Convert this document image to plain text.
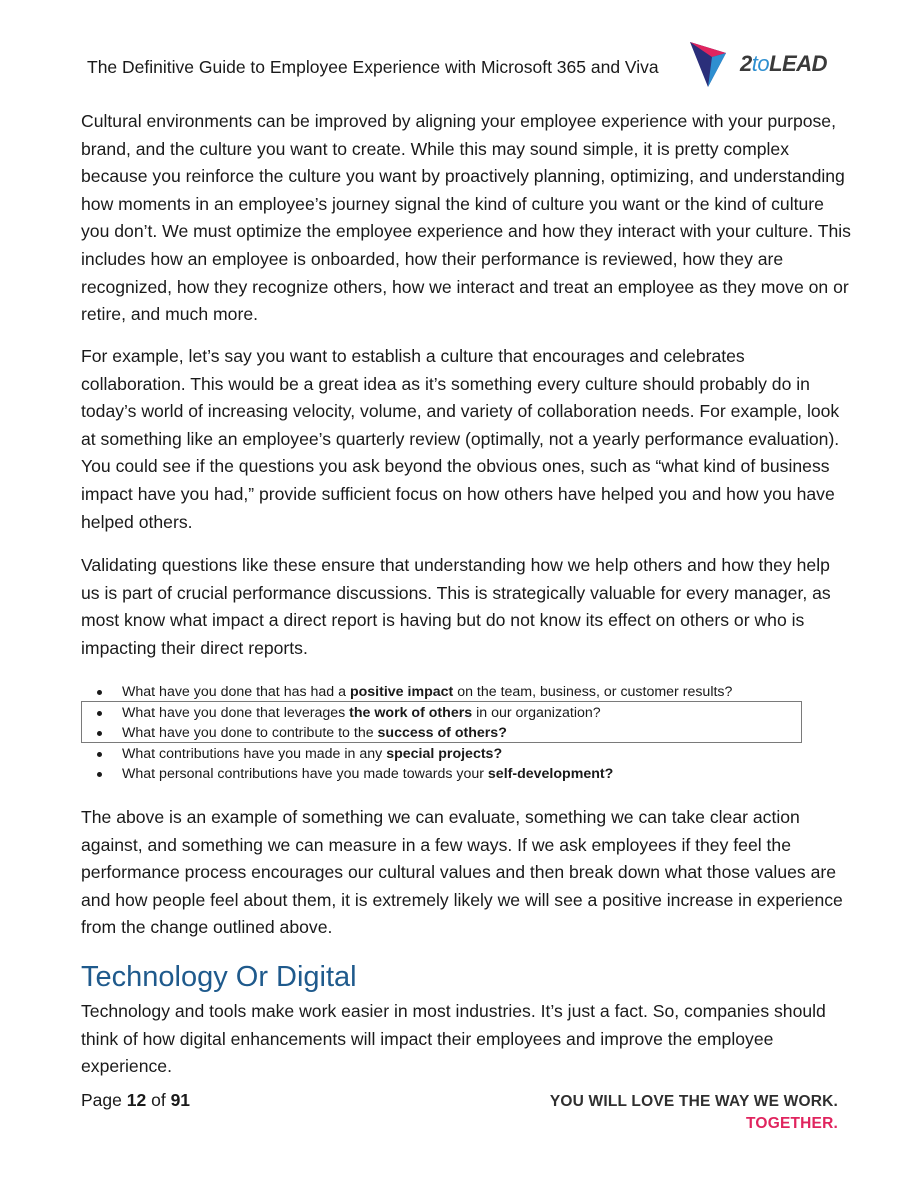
The Definitive Guide to Employee Experience with Microsoft 365 and Viva	2toLEAD

Cultural environments can be improved by aligning your employee experience with your purpose, brand, and the culture you want to create. While this may sound simple, it is pretty complex because you reinforce the culture you want by proactively planning, optimizing, and understanding how moments in an employee’s journey signal the kind of culture you want or the kind of culture you don’t. We must optimize the employee experience and how they interact with your culture. This includes how an employee is onboarded, how their performance is reviewed, how they are recognized, how they recognize others, how we interact and treat an employee as they move on or retire, and much more.

For example, let’s say you want to establish a culture that encourages and celebrates collaboration. This would be a great idea as it’s something every culture should probably do in today’s world of increasing velocity, volume, and variety of collaboration needs. For example, look at something like an employee’s quarterly review (optimally, not a yearly performance evaluation). You could see if the questions you ask beyond the obvious ones, such as “what kind of business impact have you had,” provide sufficient focus on how others have helped you and how you have helped others.

Validating questions like these ensure that understanding how we help others and how they help us is part of crucial performance discussions. This is strategically valuable for every manager, as most know what impact a direct report is having but do not know its effect on others or who is impacting their direct reports.

What have you done that has had a positive impact on the team, business, or customer results?
What have you done that leverages the work of others in our organization?
What have you done to contribute to the success of others?
What contributions have you made in any special projects?
What personal contributions have you made towards your self-development?

The above is an example of something we can evaluate, something we can take clear action against, and something we can measure in a few ways. If we ask employees if they feel the performance process encourages our cultural values and then break down what those values are and how people feel about them, it is extremely likely we will see a positive increase in experience from the change outlined above.

Technology Or Digital

Technology and tools make work easier in most industries. It’s just a fact. So, companies should think of how digital enhancements will impact their employees and improve the employee experience.

Page 12 of 91	YOU WILL LOVE THE WAY WE WORK.
TOGETHER.
